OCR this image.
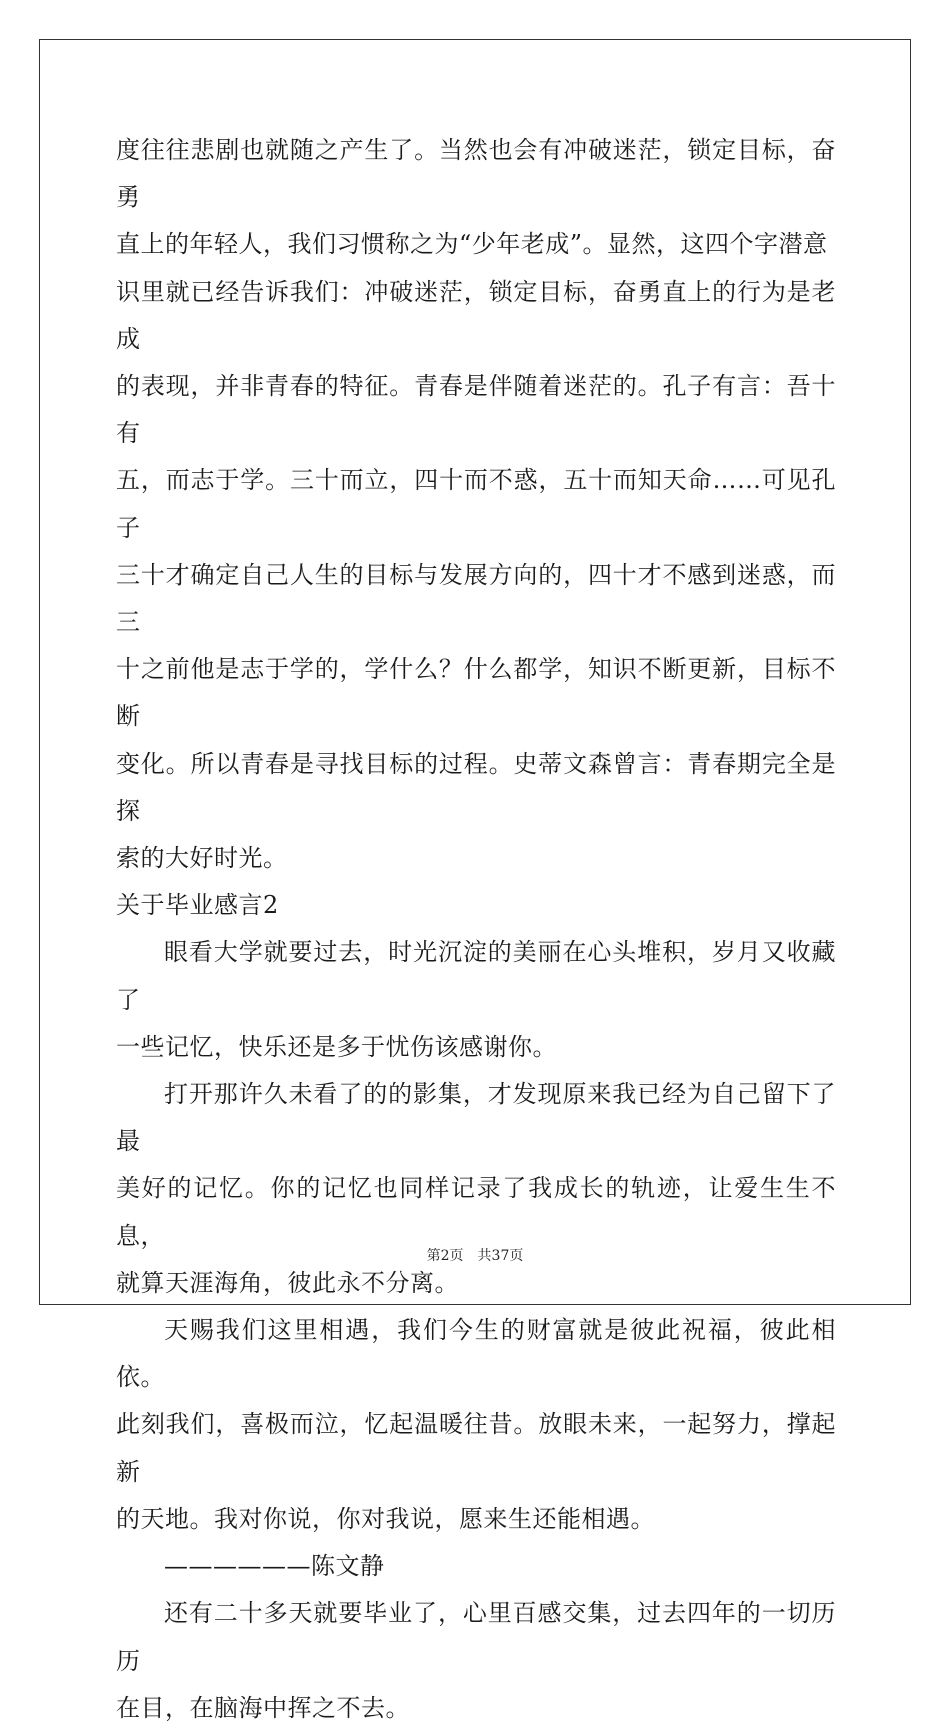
度往往悲剧也就随之产生了。当然也会有冲破迷茫，锁定目标，奋勇
直上的年轻人，我们习惯称之为“少年老成”。显然，这四个字潜意
识里就已经告诉我们：冲破迷茫，锁定目标，奋勇直上的行为是老成
的表现，并非青春的特征。青春是伴随着迷茫的。孔子有言：吾十有
五，而志于学。三十而立，四十而不惑，五十而知天命……可见孔子
三十才确定自己人生的目标与发展方向的，四十才不感到迷惑，而三
十之前他是志于学的，学什么？什么都学，知识不断更新，目标不断
变化。所以青春是寻找目标的过程。史蒂文森曾言：青春期完全是探
索的大好时光。

关于毕业感言2

眼看大学就要过去，时光沉淀的美丽在心头堆积，岁月又收藏了
一些记忆，快乐还是多于忧伤该感谢你。

打开那许久未看了的的影集，才发现原来我已经为自己留下了最
美好的记忆。你的记忆也同样记录了我成长的轨迹，让爱生生不息，
就算天涯海角，彼此永不分离。

天赐我们这里相遇，我们今生的财富就是彼此祝福，彼此相依。
此刻我们，喜极而泣，忆起温暖往昔。放眼未来，一起努力，撑起新
的天地。我对你说，你对我说，愿来生还能相遇。

——————陈文静

还有二十多天就要毕业了，心里百感交集，过去四年的一切历历
在目，在脑海中挥之不去。

第2页 共37页
